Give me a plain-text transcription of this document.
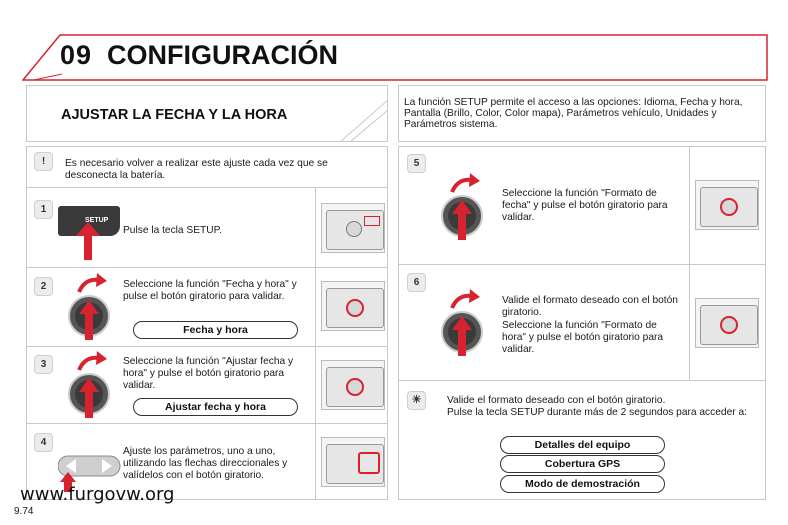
09 CONFIGURACIÓN
AJUSTAR LA FECHA Y LA HORA
La función SETUP permite el acceso a las opciones: Idioma, Fecha y hora, Pantalla (Brillo, Color, Color mapa), Parámetros vehículo, Unidades y Parámetros sistema.
!	Es necesario volver a realizar este ajuste cada vez que se desconecta la batería.
1
SETUP
Pulse la tecla SETUP.
2	Seleccione la función "Fecha y hora" y pulse el botón giratorio para validar.
Fecha y hora
3	Seleccione la función "Ajustar fecha y hora" y pulse el botón giratorio para validar.
Ajustar fecha y hora
4
Ajuste los parámetros, uno a uno, utilizando las flechas direccionales y valídelos con el botón giratorio.
5
Seleccione la función "Formato de fecha" y pulse el botón giratorio para validar.
6
Valide el formato deseado con el botón giratorio.
Seleccione la función "Formato de hora" y pulse el botón giratorio para validar.
☀	Valide el formato deseado con el botón giratorio.
Pulse la tecla SETUP durante más de 2 segundos para acceder a:
Detalles del equipo
Cobertura GPS
Modo de demostración
www.furgovw.org
9.74
